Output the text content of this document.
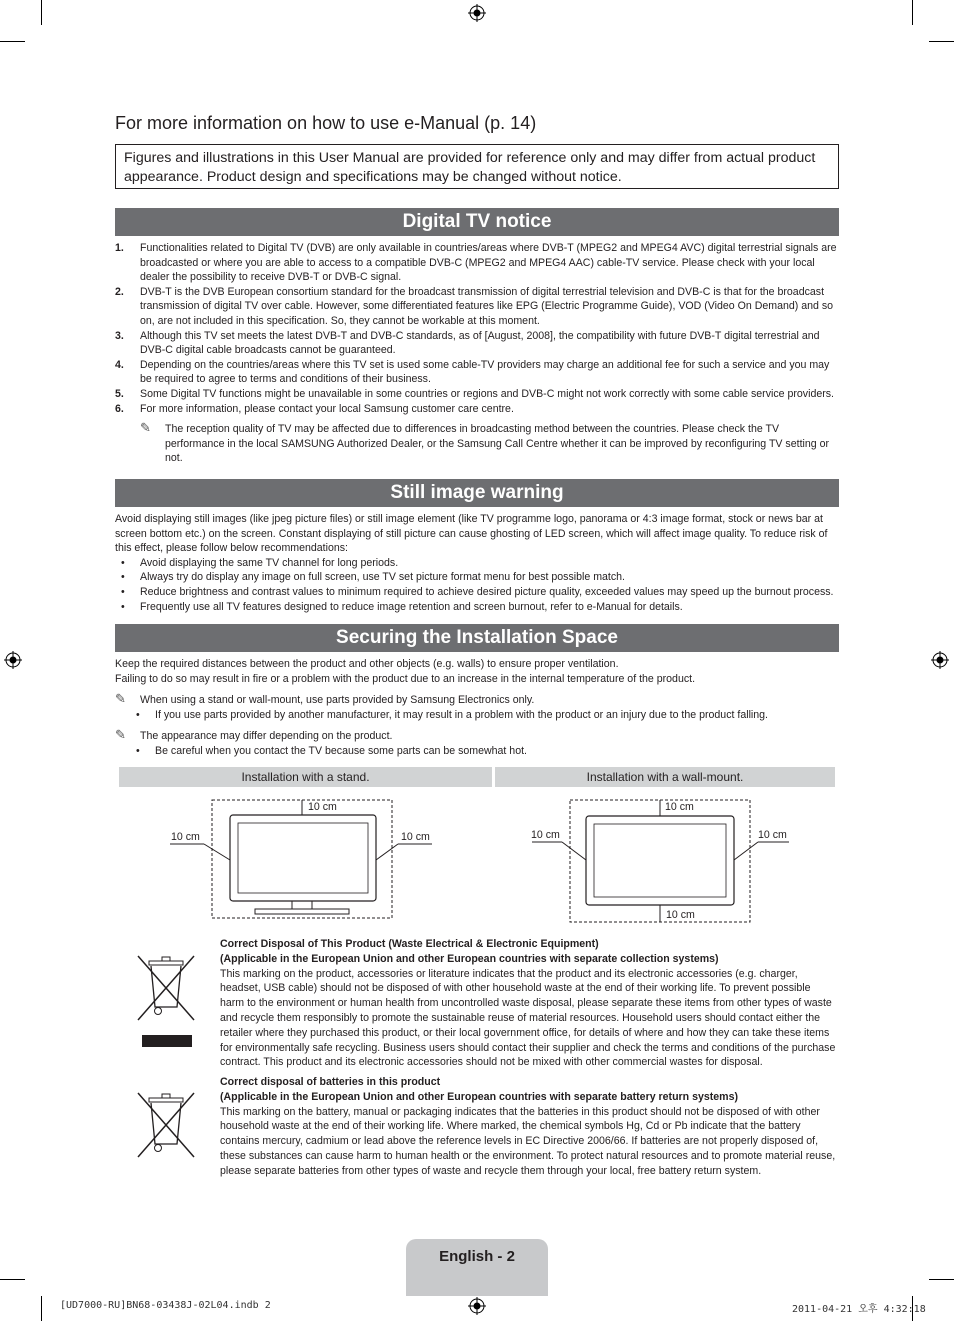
For more information on how to use e-Manual (p. 14)
Figures and illustrations in this User Manual are provided for reference only and may differ from actual product appearance. Product design and specifications may be changed without notice.
Digital TV notice
1. Functionalities related to Digital TV (DVB) are only available in countries/areas where DVB-T (MPEG2 and MPEG4 AVC) digital terrestrial signals are broadcasted or where you are able to access to a compatible DVB-C (MPEG2 and MPEG4 AAC) cable-TV service. Please check with your local dealer the possibility to receive DVB-T or DVB-C signal.
2. DVB-T is the DVB European consortium standard for the broadcast transmission of digital terrestrial television and DVB-C is that for the broadcast transmission of digital TV over cable. However, some differentiated features like EPG (Electric Programme Guide), VOD (Video On Demand) and so on, are not included in this specification. So, they cannot be workable at this moment.
3. Although this TV set meets the latest DVB-T and DVB-C standards, as of [August, 2008], the compatibility with future DVB-T digital terrestrial and DVB-C digital cable broadcasts cannot be guaranteed.
4. Depending on the countries/areas where this TV set is used some cable-TV providers may charge an additional fee for such a service and you may be required to agree to terms and conditions of their business.
5. Some Digital TV functions might be unavailable in some countries or regions and DVB-C might not work correctly with some cable service providers.
6. For more information, please contact your local Samsung customer care centre.
✎ The reception quality of TV may be affected due to differences in broadcasting method between the countries. Please check the TV performance in the local SAMSUNG Authorized Dealer, or the Samsung Call Centre whether it can be improved by reconfiguring TV setting or not.
Still image warning
Avoid displaying still images (like jpeg picture files) or still image element (like TV programme logo, panorama or 4:3 image format, stock or news bar at screen bottom etc.) on the screen. Constant displaying of still picture can cause ghosting of LED screen, which will affect image quality. To reduce risk of this effect, please follow below recommendations:
• Avoid displaying the same TV channel for long periods.
• Always try do display any image on full screen, use TV set picture format menu for best possible match.
• Reduce brightness and contrast values to minimum required to achieve desired picture quality, exceeded values may speed up the burnout process.
• Frequently use all TV features designed to reduce image retention and screen burnout, refer to e-Manual for details.
Securing the Installation Space
Keep the required distances between the product and other objects (e.g. walls) to ensure proper ventilation.
Failing to do so may result in fire or a problem with the product due to an increase in the internal temperature of the product.
✎ When using a stand or wall-mount, use parts provided by Samsung Electronics only.
• If you use parts provided by another manufacturer, it may result in a problem with the product or an injury due to the product falling.
✎ The appearance may differ depending on the product.
• Be careful when you contact the TV because some parts can be somewhat hot.
Installation with a stand.	Installation with a wall-mount.
10 cm
10 cm	10 cm
10 cm
10 cm	10 cm
10 cm
Correct Disposal of This Product (Waste Electrical & Electronic Equipment)
(Applicable in the European Union and other European countries with separate collection systems)
This marking on the product, accessories or literature indicates that the product and its electronic accessories (e.g. charger, headset, USB cable) should not be disposed of with other household waste at the end of their working life. To prevent possible harm to the environment or human health from uncontrolled waste disposal, please separate these items from other types of waste and recycle them responsibly to promote the sustainable reuse of material resources. Household users should contact either the retailer where they purchased this product, or their local government office, for details of where and how they can take these items for environmentally safe recycling. Business users should contact their supplier and check the terms and conditions of the purchase contract. This product and its electronic accessories should not be mixed with other commercial wastes for disposal.
Correct disposal of batteries in this product
(Applicable in the European Union and other European countries with separate battery return systems)
This marking on the battery, manual or packaging indicates that the batteries in this product should not be disposed of with other household waste at the end of their working life. Where marked, the chemical symbols Hg, Cd or Pb indicate that the battery contains mercury, cadmium or lead above the reference levels in EC Directive 2006/66. If batteries are not properly disposed of, these substances can cause harm to human health or the environment. To protect natural resources and to promote material reuse, please separate batteries from other types of waste and recycle them through your local, free battery return system.
English - 2
[UD7000-RU]BN68-03438J-02L04.indb 2	2011-04-21 오후 4:32:18
